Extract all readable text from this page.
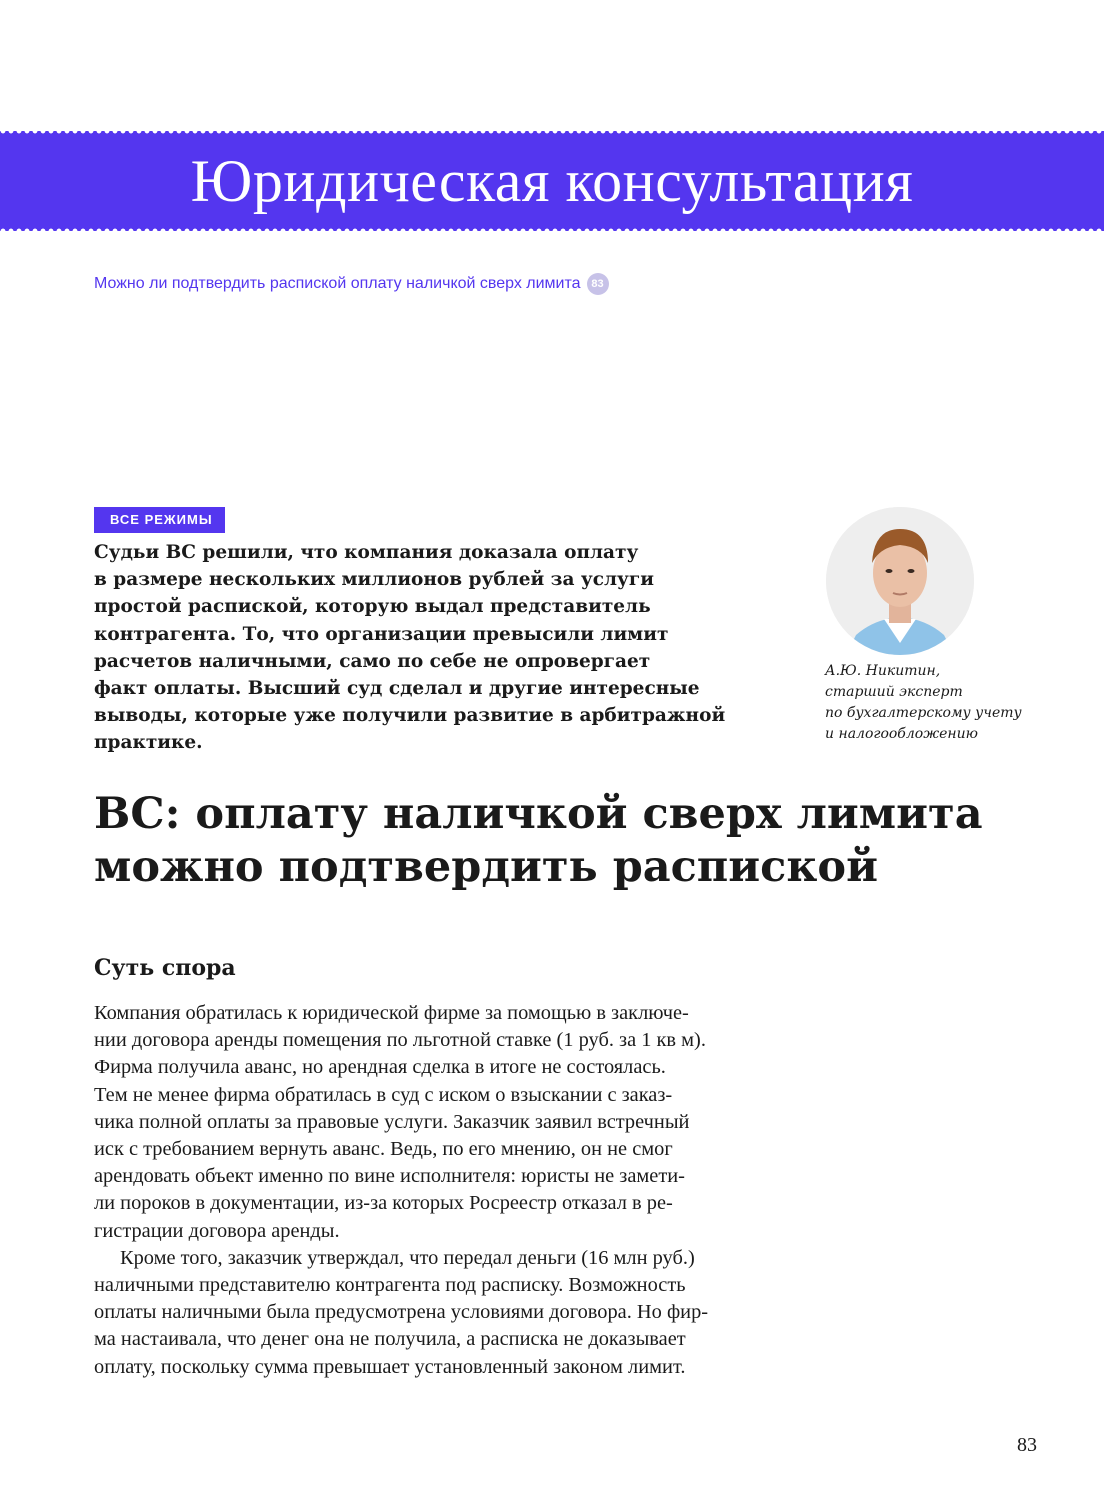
Юридическая консультация
Можно ли подтвердить распиской оплату наличкой сверх лимита 83
ВСЕ РЕЖИМЫ

Судьи ВС решили, что компания доказала оплату
в размере нескольких миллионов рублей за услуги
простой распиской, которую выдал представитель
контрагента. То, что организации превысили лимит
расчетов наличными, само по себе не опровергает
факт оплаты. Высший суд сделал и другие интересные
выводы, которые уже получили развитие в арбитражной
практике.

А.Ю. Никитин,
старший эксперт
по бухгалтерскому учету
и налогообложению

ВС: оплату наличкой сверх лимита
можно подтвердить распиской
Суть спора

Компания обратилась к юридической фирме за помощью в заключе-
нии договора аренды помещения по льготной ставке (1 руб. за 1 кв м).
Фирма получила аванс, но арендная сделка в итоге не состоялась.
Тем не менее фирма обратилась в суд с иском о взыскании с заказ-
чика полной оплаты за правовые услуги. Заказчик заявил встречный
иск с требованием вернуть аванс. Ведь, по его мнению, он не смог
арендовать объект именно по вине исполнителя: юристы не замети-
ли пороков в документации, из-за которых Росреестр отказал в ре-
гистрации договора аренды.

Кроме того, заказчик утверждал, что передал деньги (16 млн руб.)
наличными представителю контрагента под расписку. Возможность
оплаты наличными была предусмотрена условиями договора. Но фир-
ма настаивала, что денег она не получила, а расписка не доказывает
оплату, поскольку сумма превышает установленный законом лимит.

83
